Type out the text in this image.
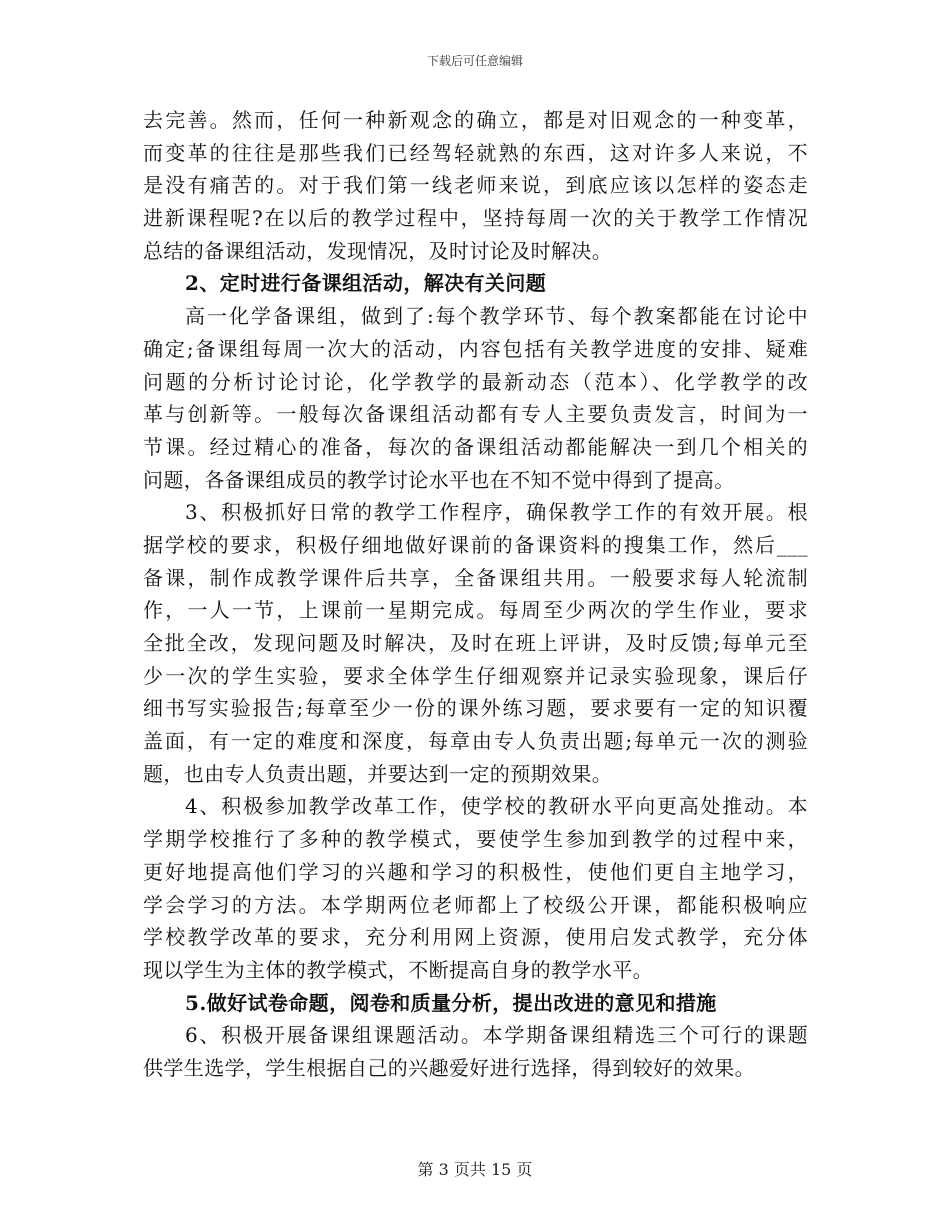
下载后可任意编辑
去完善。然而，任何一种新观念的确立，都是对旧观念的一种变革，
而变革的往往是那些我们已经驾轻就熟的东西，这对许多人来说，不
是没有痛苦的。对于我们第一线老师来说，到底应该以怎样的姿态走
进新课程呢?在以后的教学过程中，坚持每周一次的关于教学工作情况
总结的备课组活动，发现情况，及时讨论及时解决。
2、定时进行备课组活动，解决有关问题
高一化学备课组，做到了:每个教学环节、每个教案都能在讨论中
确定;备课组每周一次大的活动，内容包括有关教学进度的安排、疑难
问题的分析讨论讨论，化学教学的最新动态（范本）、化学教学的改
革与创新等。一般每次备课组活动都有专人主要负责发言，时间为一
节课。经过精心的准备，每次的备课组活动都能解决一到几个相关的
问题，各备课组成员的教学讨论水平也在不知不觉中得到了提高。
3、积极抓好日常的教学工作程序，确保教学工作的有效开展。根
据学校的要求，积极仔细地做好课前的备课资料的搜集工作，然后___
备课，制作成教学课件后共享，全备课组共用。一般要求每人轮流制
作，一人一节，上课前一星期完成。每周至少两次的学生作业，要求
全批全改，发现问题及时解决，及时在班上评讲，及时反馈;每单元至
少一次的学生实验，要求全体学生仔细观察并记录实验现象，课后仔
细书写实验报告;每章至少一份的课外练习题，要求要有一定的知识覆
盖面，有一定的难度和深度，每章由专人负责出题;每单元一次的测验
题，也由专人负责出题，并要达到一定的预期效果。
4、积极参加教学改革工作，使学校的教研水平向更高处推动。本
学期学校推行了多种的教学模式，要使学生参加到教学的过程中来，
更好地提高他们学习的兴趣和学习的积极性，使他们更自主地学习，
学会学习的方法。本学期两位老师都上了校级公开课，都能积极响应
学校教学改革的要求，充分利用网上资源，使用启发式教学，充分体
现以学生为主体的教学模式，不断提高自身的教学水平。
5.做好试卷命题，阅卷和质量分析，提出改进的意见和措施
6、积极开展备课组课题活动。本学期备课组精选三个可行的课题
供学生选学，学生根据自己的兴趣爱好进行选择，得到较好的效果。
第 3 页共 15 页
